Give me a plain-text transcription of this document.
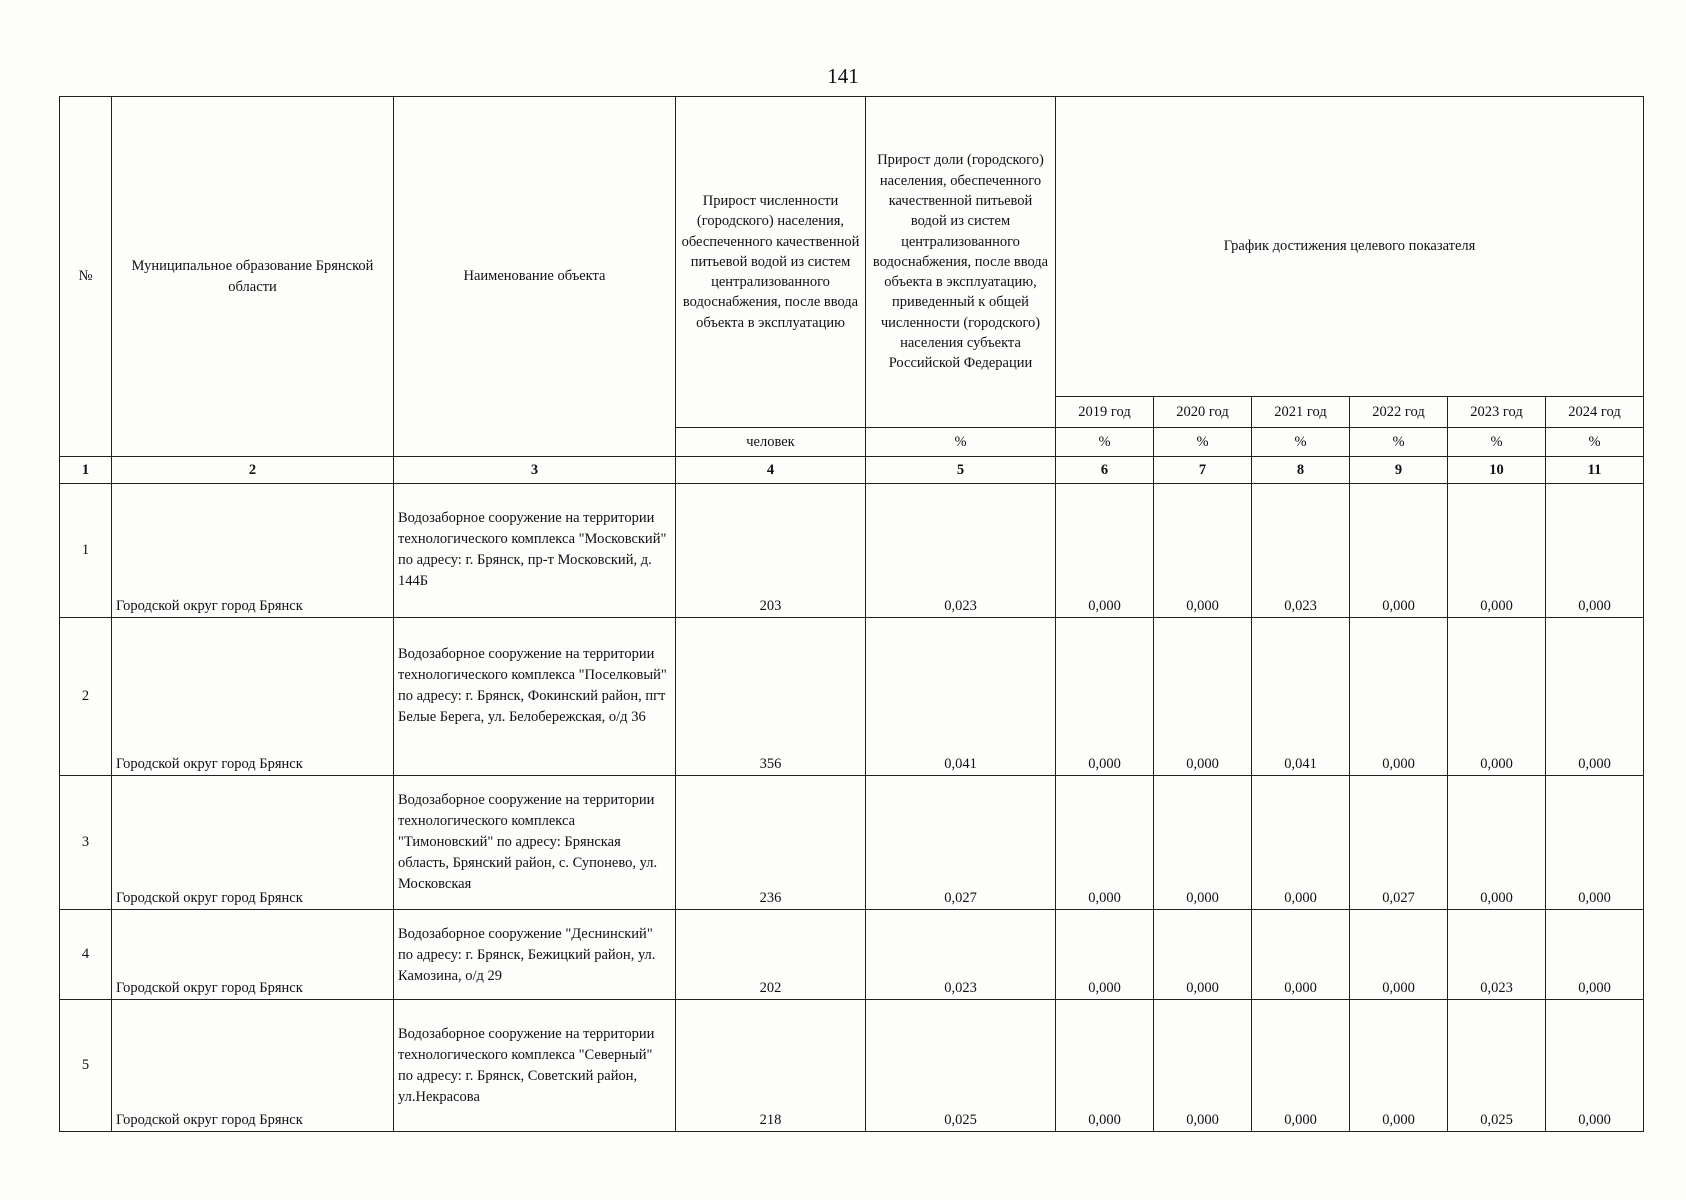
141
№	Муниципальное образование Брянской области	Наименование объекта	Прирост численности (городского) населения, обеспеченного качественной питьевой водой из систем централизованного водоснабжения, после ввода объекта в эксплуатацию	Прирост доли (городского) населения, обеспеченного качественной питьевой водой из систем централизованного водоснабжения, после ввода объекта в эксплуатацию, приведенный к общей численности (городского) населения субъекта Российской Федерации	График достижения целевого показателя					
					2019 год	2020 год	2021 год	2022 год	2023 год	2024 год
			человек	%	%	%	%	%	%	%
1	2	3	4	5	6	7	8	9	10	11
1	Городской округ город Брянск	Водозаборное сооружение на территории технологического комплекса "Московский" по адресу: г. Брянск, пр-т Московский, д. 144Б	203	0,023	0,000	0,000	0,023	0,000	0,000	0,000
2	Городской округ город Брянск	Водозаборное сооружение на территории технологического комплекса "Поселковый" по адресу: г. Брянск, Фокинский район, пгт Белые Берега, ул. Белобережская, о/д 36	356	0,041	0,000	0,000	0,041	0,000	0,000	0,000
3	Городской округ город Брянск	Водозаборное сооружение на территории технологического комплекса "Тимоновский" по адресу: Брянская область, Брянский район, с. Супонево, ул. Московская	236	0,027	0,000	0,000	0,000	0,027	0,000	0,000
4	Городской округ город Брянск	Водозаборное сооружение "Деснинский" по адресу: г. Брянск, Бежицкий район, ул. Камозина, о/д 29	202	0,023	0,000	0,000	0,000	0,000	0,023	0,000
5	Городской округ город Брянск	Водозаборное сооружение на территории технологического комплекса "Северный" по адресу: г. Брянск, Советский район, ул.Некрасова	218	0,025	0,000	0,000	0,000	0,000	0,025	0,000
